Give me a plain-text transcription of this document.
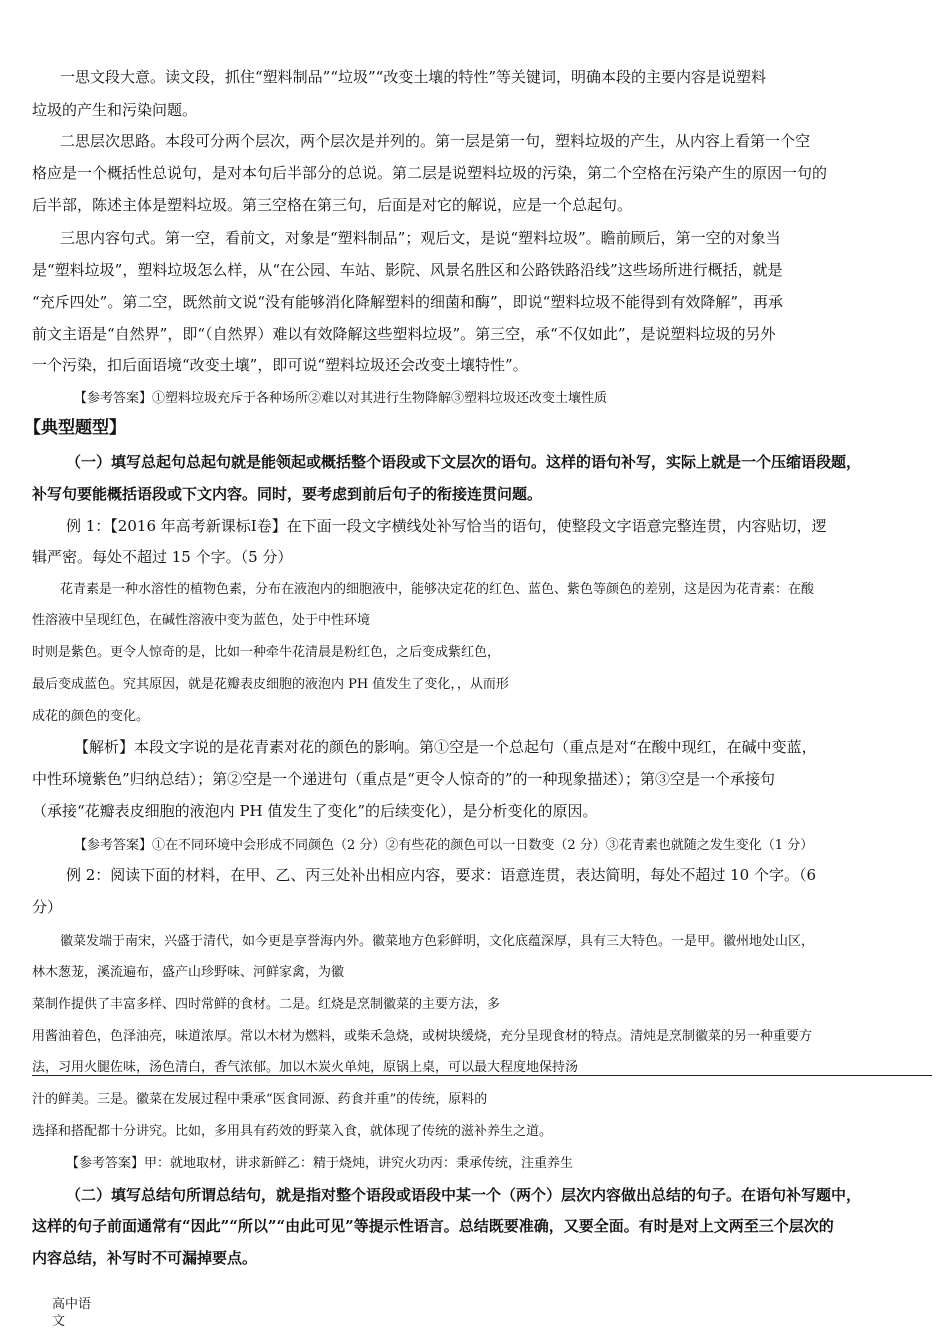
一思文段大意。读文段，抓住“塑料制品”“垃圾”“改变土壤的特性”等关键词，明确本段的主要内容是说塑料
垃圾的产生和污染问题。
二思层次思路。本段可分两个层次，两个层次是并列的。第一层是第一句，塑料垃圾的产生，从内容上看第一个空
格应是一个概括性总说句，是对本句后半部分的总说。第二层是说塑料垃圾的污染，第二个空格在污染产生的原因一句的
后半部，陈述主体是塑料垃圾。第三空格在第三句，后面是对它的解说，应是一个总起句。
三思内容句式。第一空，看前文，对象是“塑料制品”；观后文，是说“塑料垃圾”。瞻前顾后，第一空的对象当
是“塑料垃圾”，塑料垃圾怎么样，从“在公园、车站、影院、风景名胜区和公路铁路沿线”这些场所进行概括，就是
“充斥四处”。第二空，既然前文说“没有能够消化降解塑料的细菌和酶”，即说“塑料垃圾不能得到有效降解”，再承
前文主语是“自然界”，即“（自然界）难以有效降解这些塑料垃圾”。第三空，承“不仅如此”，是说塑料垃圾的另外
一个污染，扣后面语境“改变土壤”，即可说“塑料垃圾还会改变土壤特性”。
【参考答案】①塑料垃圾充斥于各种场所②难以对其进行生物降解③塑料垃圾还改变土壤性质
【典型题型】
（一）填写总起句总起句就是能领起或概括整个语段或下文层次的语句。这样的语句补写，实际上就是一个压缩语段题，
补写句要能概括语段或下文内容。同时，要考虑到前后句子的衔接连贯问题。
例 1：【2016 年高考新课标Ⅰ卷】在下面一段文字横线处补写恰当的语句，使整段文字语意完整连贯，内容贴切，逻
辑严密。每处不超过 15 个字。（5 分）
花青素是一种水溶性的植物色素，分布在液泡内的细胞液中，能够决定花的红色、蓝色、紫色等颜色的差别，这是因为花青素：在酸
性溶液中呈现红色，在碱性溶液中变为蓝色，处于中性环境
时则是紫色。更令人惊奇的是，比如一种牵牛花清晨是粉红色，之后变成紫红色，
最后变成蓝色。究其原因，就是花瓣表皮细胞的液泡内 PH 值发生了变化，，从而形
成花的颜色的变化。
【解析】本段文字说的是花青素对花的颜色的影响。第①空是一个总起句（重点是对“在酸中现红，在碱中变蓝，
中性环境紫色”归纳总结）；第②空是一个递进句（重点是“更令人惊奇的”的一种现象描述）；第③空是一个承接句
（承接“花瓣表皮细胞的液泡内 PH 值发生了变化”的后续变化），是分析变化的原因。
【参考答案】①在不同环境中会形成不同颜色（2 分）②有些花的颜色可以一日数变（2 分）③花青素也就随之发生变化（1 分）
例 2：阅读下面的材料，在甲、乙、丙三处补出相应内容，要求：语意连贯，表达简明，每处不超过 10 个字。（6
分）
徽菜发端于南宋，兴盛于清代，如今更是享誉海内外。徽菜地方色彩鲜明，文化底蕴深厚，具有三大特色。一是甲。徽州地处山区，
林木葱茏，溪流遍布，盛产山珍野味、河鲜家禽，为徽
菜制作提供了丰富多样、四时常鲜的食材。二是。红烧是烹制徽菜的主要方法，多
用酱油着色，色泽油亮，味道浓厚。常以木材为燃料，或柴禾急烧，或树块缓烧，充分呈现食材的特点。清炖是烹制徽菜的另一种重要方
法，习用火腿佐味，汤色清白，香气浓郁。加以木炭火单炖，原锅上桌，可以最大程度地保持汤
汁的鲜美。三是。徽菜在发展过程中秉承“医食同源、药食并重”的传统，原料的
选择和搭配都十分讲究。比如，多用具有药效的野菜入食，就体现了传统的滋补养生之道。
【参考答案】甲：就地取材，讲求新鲜乙：精于烧炖，讲究火功丙：秉承传统，注重养生
（二）填写总结句所谓总结句，就是指对整个语段或语段中某一个（两个）层次内容做出总结的句子。在语句补写题中，
这样的句子前面通常有“因此”“所以”“由此可见”等提示性语言。总结既要准确，又要全面。有时是对上文两至三个层次的
内容总结，补写时不可漏掉要点。
高中语
文
